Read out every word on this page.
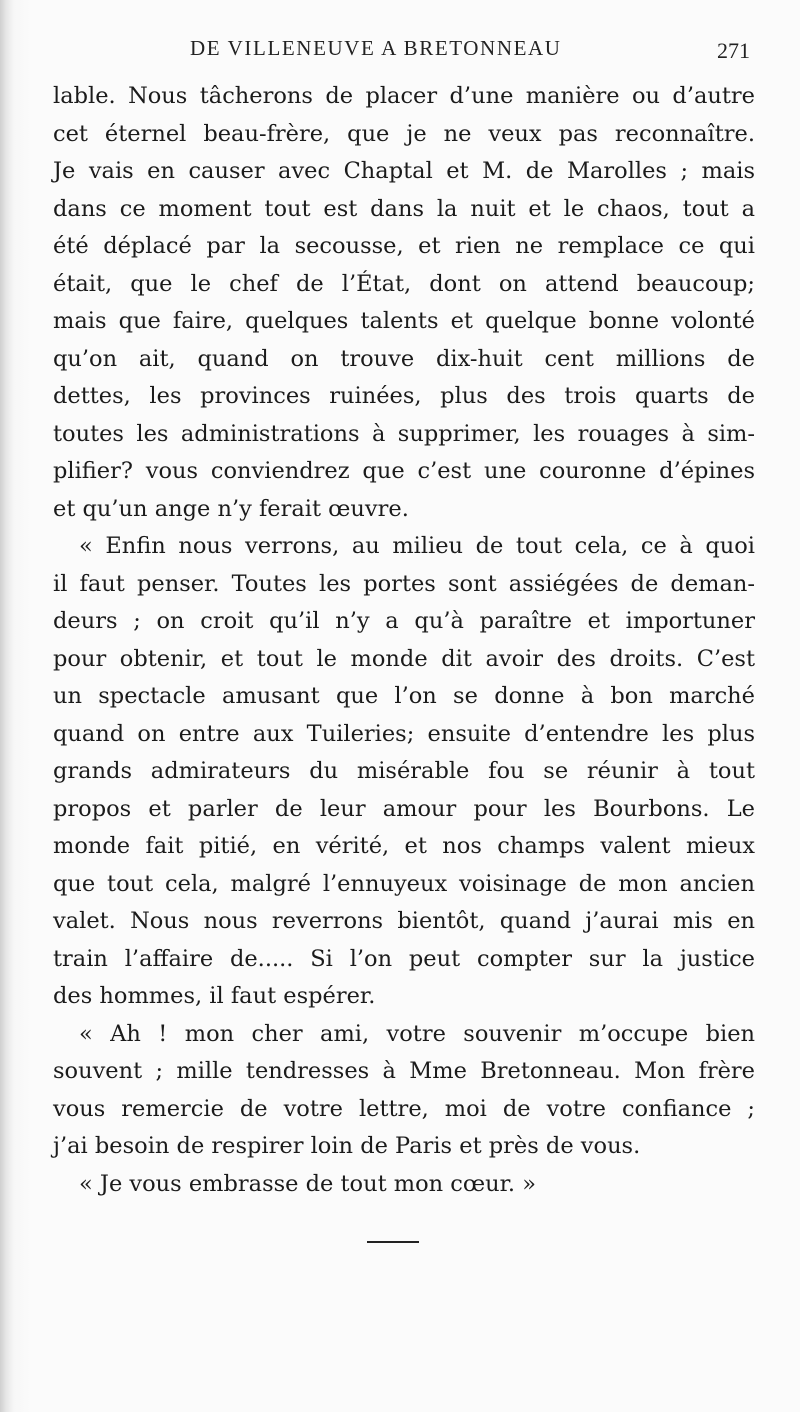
DE VILLENEUVE A BRETONNEAU	271
lable. Nous tâcherons de placer d’une manière ou d’autre
cet éternel beau-frère, que je ne veux pas reconnaître.
Je vais en causer avec Chaptal et M. de Marolles ; mais
dans ce moment tout est dans la nuit et le chaos, tout a
été déplacé par la secousse, et rien ne remplace ce qui
était, que le chef de l’État, dont on attend beaucoup;
mais que faire, quelques talents et quelque bonne volonté
qu’on ait, quand on trouve dix-huit cent millions de
dettes, les provinces ruinées, plus des trois quarts de
toutes les administrations à supprimer, les rouages à sim-
plifier? vous conviendrez que c’est une couronne d’épines
et qu’un ange n’y ferait œuvre.
« Enfin nous verrons, au milieu de tout cela, ce à quoi
il faut penser. Toutes les portes sont assiégées de deman-
deurs ; on croit qu’il n’y a qu’à paraître et importuner
pour obtenir, et tout le monde dit avoir des droits. C’est
un spectacle amusant que l’on se donne à bon marché
quand on entre aux Tuileries; ensuite d’entendre les plus
grands admirateurs du misérable fou se réunir à tout
propos et parler de leur amour pour les Bourbons. Le
monde fait pitié, en vérité, et nos champs valent mieux
que tout cela, malgré l’ennuyeux voisinage de mon ancien
valet. Nous nous reverrons bientôt, quand j’aurai mis en
train l’affaire de..... Si l’on peut compter sur la justice
des hommes, il faut espérer.
« Ah ! mon cher ami, votre souvenir m’occupe bien
souvent ; mille tendresses à Mme Bretonneau. Mon frère
vous remercie de votre lettre, moi de votre confiance ;
j’ai besoin de respirer loin de Paris et près de vous.
« Je vous embrasse de tout mon cœur. »
